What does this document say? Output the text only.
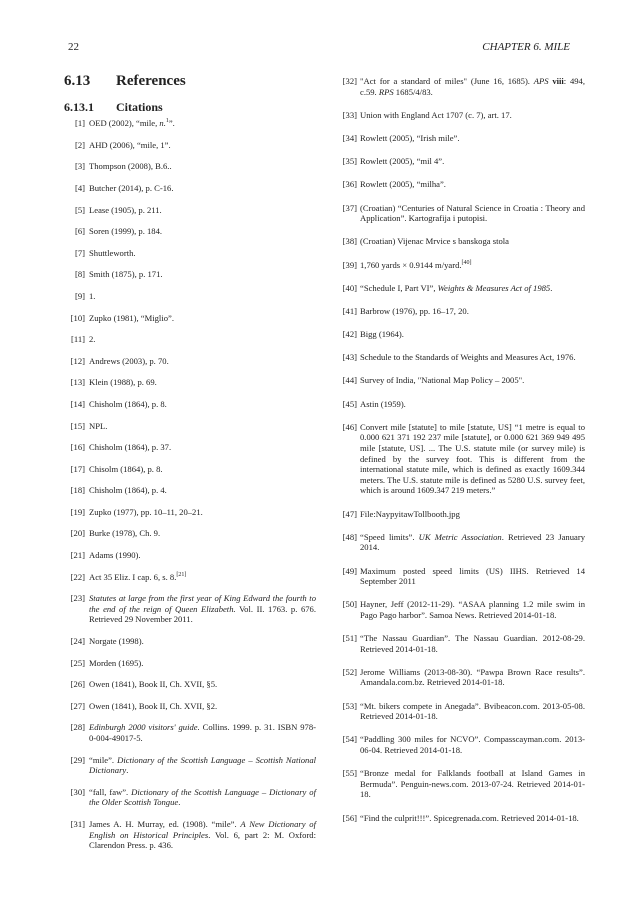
22	CHAPTER 6. MILE
6.13 References
6.13.1 Citations
[1] OED (2002), “mile, n.$^1$”.
[2] AHD (2006), “mile, 1”.
[3] Thompson (2008), B.6..
[4] Butcher (2014), p. C-16.
[5] Lease (1905), p. 211.
[6] Soren (1999), p. 184.
[7] Shuttleworth.
[8] Smith (1875), p. 171.
[9] 1.
[10] Zupko (1981), “Miglio”.
[11] 2.
[12] Andrews (2003), p. 70.
[13] Klein (1988), p. 69.
[14] Chisholm (1864), p. 8.
[15] NPL.
[16] Chisholm (1864), p. 37.
[17] Chisolm (1864), p. 8.
[18] Chisholm (1864), p. 4.
[19] Zupko (1977), pp. 10–11, 20–21.
[20] Burke (1978), Ch. 9.
[21] Adams (1990).
[22] Act 35 Eliz. I cap. 6, s. 8.[21]
[23] Statutes at large from the first year of King Edward the fourth to the end of the reign of Queen Elizabeth. Vol. II. 1763. p. 676. Retrieved 29 November 2011.
[24] Norgate (1998).
[25] Morden (1695).
[26] Owen (1841), Book II, Ch. XVII, §5.
[27] Owen (1841), Book II, Ch. XVII, §2.
[28] Edinburgh 2000 visitors' guide. Collins. 1999. p. 31. ISBN 978-0-004-49017-5.
[29] “mile”. Dictionary of the Scottish Language – Scottish National Dictionary.
[30] “fall, faw”. Dictionary of the Scottish Language – Dictionary of the Older Scottish Tongue.
[31] James A. H. Murray, ed. (1908). “mile”. A New Dictionary of English on Historical Principles. Vol. 6, part 2: M. Oxford: Clarendon Press. p. 436.
[32] "Act for a standard of miles" (June 16, 1685). APS viii: 494, c.59. RPS 1685/4/83.
[33] Union with England Act 1707 (c. 7), art. 17.
[34] Rowlett (2005), “Irish mile”.
[35] Rowlett (2005), “mil 4”.
[36] Rowlett (2005), “milha”.
[37] (Croatian) “Centuries of Natural Science in Croatia : Theory and Application”. Kartografija i putopisi.
[38] (Croatian) Vijenac Mrvice s banskoga stola
[39] 1,760 yards × 0.9144 m/yard.[40]
[40] “Schedule I, Part VI”, Weights & Measures Act of 1985.
[41] Barbrow (1976), pp. 16–17, 20.
[42] Bigg (1964).
[43] Schedule to the Standards of Weights and Measures Act, 1976.
[44] Survey of India, "National Map Policy – 2005".
[45] Astin (1959).
[46] Convert mile [statute] to mile [statute, US] “1 metre is equal to 0.000 621 371 192 237 mile [statute], or 0.000 621 369 949 495 mile [statute, US]. ... The U.S. statute mile (or survey mile) is defined by the survey foot. This is different from the international statute mile, which is defined as exactly 1609.344 meters. The U.S. statute mile is defined as 5280 U.S. survey feet, which is around 1609.347 219 meters.”
[47] File:NaypyitawTollbooth.jpg
[48] “Speed limits”. UK Metric Association. Retrieved 23 January 2014.
[49] Maximum posted speed limits (US) IIHS. Retrieved 14 September 2011
[50] Hayner, Jeff (2012-11-29). “ASAA planning 1.2 mile swim in Pago Pago harbor”. Samoa News. Retrieved 2014-01-18.
[51] “The Nassau Guardian”. The Nassau Guardian. 2012-08-29. Retrieved 2014-01-18.
[52] Jerome Williams (2013-08-30). “Pawpa Brown Race results”. Amandala.com.bz. Retrieved 2014-01-18.
[53] “Mt. bikers compete in Anegada”. Bvibeacon.com. 2013-05-08. Retrieved 2014-01-18.
[54] “Paddling 300 miles for NCVO”. Compasscayman.com. 2013-06-04. Retrieved 2014-01-18.
[55] “Bronze medal for Falklands football at Island Games in Bermuda”. Penguin-news.com. 2013-07-24. Retrieved 2014-01-18.
[56] “Find the culprit!!!”. Spicegrenada.com. Retrieved 2014-01-18.
